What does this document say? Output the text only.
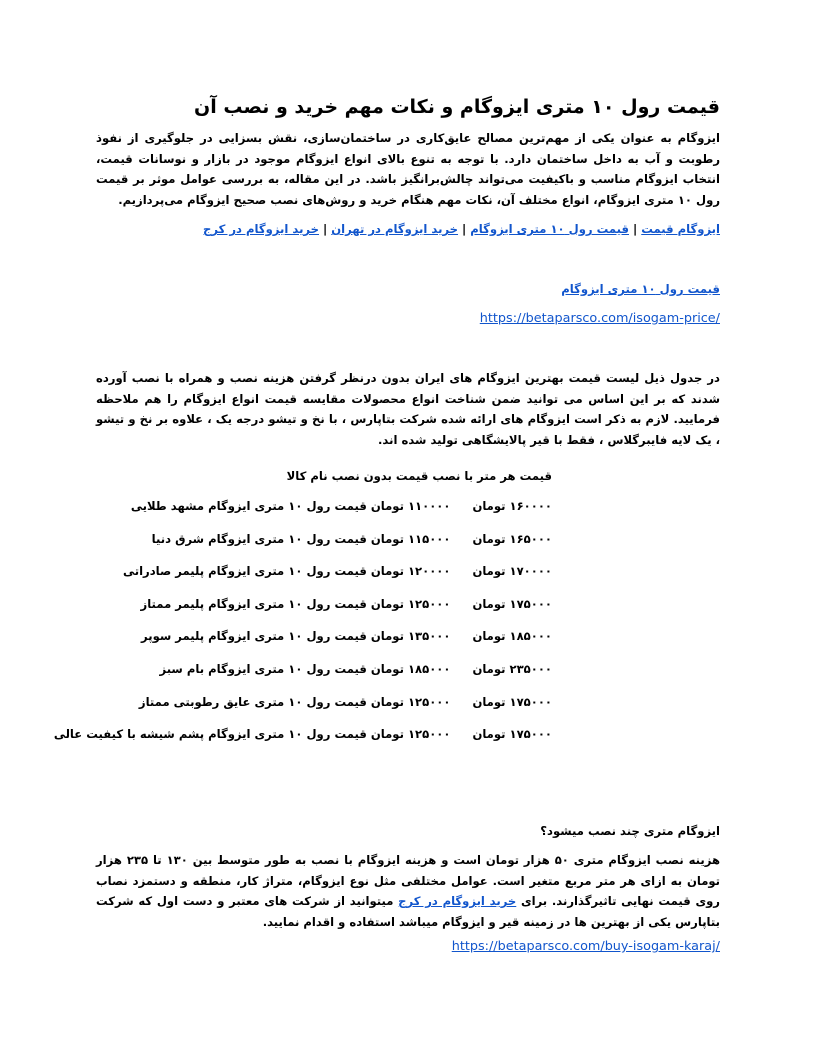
قیمت رول ۱۰ متری ایزوگام و نکات مهم خرید و نصب آن

ایزوگام به عنوان یکی از مهم‌ترین مصالح عایق‌کاری در ساختمان‌سازی، نقش بسزایی در جلوگیری از نفوذ رطوبت و آب به داخل ساختمان دارد. با توجه به تنوع بالای انواع ایزوگام موجود در بازار و نوسانات قیمت، انتخاب ایزوگام مناسب و باکیفیت می‌تواند چالش‌برانگیز باشد. در این مقاله، به بررسی عوامل موثر بر قیمت رول ۱۰ متری ایزوگام، انواع مختلف آن، نکات مهم هنگام خرید و روش‌های نصب صحیح ایزوگام می‌پردازیم.

ایزوگام قیمت|قیمت رول ۱۰ متری ایزوگام|خرید ایزوگام در تهران|خرید ایزوگام در کرج
قیمت رول ۱۰ متری ایزوگام
https://betaparsco.com/isogam-price/

در جدول ذیل لیست قیمت بهترین ایزوگام های ایران بدون درنظر گرفتن هزینه نصب و همراه با نصب آورده شدند که بر این اساس می توانید ضمن شناخت انواع محصولات مقایسه قیمت انواع ایزوگام را هم ملاحظه فرمایید. لازم به ذکر است ایزوگام های ارائه شده شرکت بتاپارس ، با نخ و تیشو درجه یک ، علاوه بر نخ و تیشو ، یک لایه فایبرگلاس ، فقط با قیر پالایشگاهی تولید شده اند.

قیمت هر متر با نصب قیمت بدون نصب نام کالا
۱۶۰۰۰۰ تومان۱۱۰۰۰۰ تومان قیمت رول ۱۰ متری ایزوگام مشهد طلایی
۱۶۵۰۰۰ تومان۱۱۵۰۰۰ تومان قیمت رول ۱۰ متری ایزوگام شرق دنیا
۱۷۰۰۰۰ تومان۱۲۰۰۰۰ تومان قیمت رول ۱۰ متری ایزوگام پلیمر صادراتی
۱۷۵۰۰۰ تومان۱۲۵۰۰۰ تومان قیمت رول ۱۰ متری ایزوگام پلیمر ممتاز
۱۸۵۰۰۰ تومان۱۳۵۰۰۰ تومان قیمت رول ۱۰ متری ایزوگام پلیمر سوپر
۲۳۵۰۰۰ تومان۱۸۵۰۰۰ تومان قیمت رول ۱۰ متری ایزوگام بام سبز
۱۷۵۰۰۰ تومان۱۲۵۰۰۰ تومان قیمت رول ۱۰ متری عایق رطوبتی ممتاز
۱۷۵۰۰۰ تومان۱۲۵۰۰۰ تومان قیمت رول ۱۰ متری ایزوگام پشم شیشه با کیفیت عالی
ایزوگام متری چند نصب میشود؟

هزینه نصب ایزوگام متری ۵۰ هزار تومان است و هزینه ایزوگام با نصب به طور متوسط بین ۱۳۰ تا ۲۳۵ هزار تومان به ازای هر متر مربع متغیر است. عوامل مختلفی مثل نوع ایزوگام، متراژ کار، منطقه و دستمزد نصاب روی قیمت نهایی تاثیرگذارند. برای خرید ایزوگام در کرج میتوانید از شرکت های معتبر و دست اول که شرکت بتاپارس یکی از بهترین ها در زمینه قیر و ایزوگام میباشد استفاده و اقدام نمایید.

https://betaparsco.com/buy-isogam-karaj/
